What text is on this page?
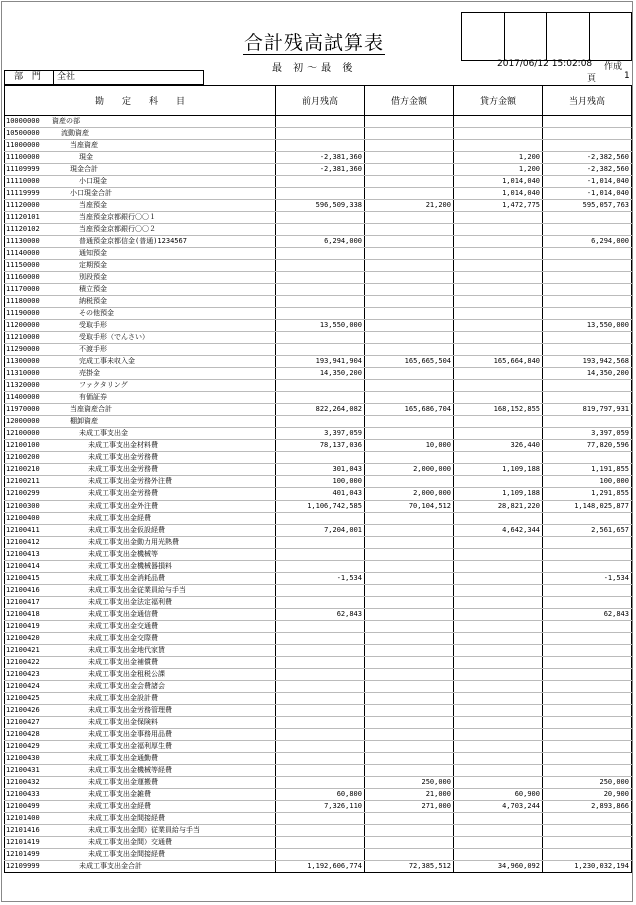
合計残高試算表
最 初～最 後	2017/06/12 15:02:08 作成
部 門	全社	頁	1
勘　　定　　科　　目	前月残高	借方金額	貸方金額	当月残高

10000000 資産の部				

10500000 流動資産				

11000000 当座資産				

11100000 現金	-2,381,360		1,200	-2,382,560

11109999 現金合計	-2,381,360		1,200	-2,382,560

11110000 小口現金			1,014,040	-1,014,040

11119999 小口現金合計			1,014,040	-1,014,040

11120000 当座預金	596,509,338	21,200	1,472,775	595,057,763

11120101 当座預金京都銀行〇〇１				

11120102 当座預金京都銀行〇〇２				

11130000 普通預金京都信金(普通)1234567	6,294,000			6,294,000

11140000 通知預金				

11150000 定期預金				

11160000 別段預金				

11170000 積立預金				

11180000 納税預金				

11190000 その他預金				

11200000 受取手形	13,550,000			13,550,000

11210000 受取手形（でんさい）				

11290000 不渡手形				

11300000 完成工事未収入金	193,941,904	165,665,504	165,664,840	193,942,568

11310000 売掛金	14,350,200			14,350,200

11320000 ファクタリング				

11400000 有価証券				

11970000 当座資産合計	822,264,082	165,686,704	168,152,855	819,797,931

12000000 棚卸資産				

12100000 未成工事支出金	3,397,059			3,397,059

12100100 未成工事支出金材料費	78,137,036	10,000	326,440	77,820,596

12100200 未成工事支出金労務費				

12100210 未成工事支出金労務費	301,043	2,000,000	1,109,188	1,191,855

12100211 未成工事支出金労務外注費	100,000			100,000

12100299 未成工事支出金労務費	401,043	2,000,000	1,109,188	1,291,855

12100300 未成工事支出金外注費	1,106,742,585	70,104,512	28,821,220	1,148,025,877

12100400 未成工事支出金経費				

12100411 未成工事支出金仮設経費	7,204,001		4,642,344	2,561,657

12100412 未成工事支出金動力用光熱費				

12100413 未成工事支出金機械等				

12100414 未成工事支出金機械器損料				

12100415 未成工事支出金消耗品費	-1,534			-1,534

12100416 未成工事支出金従業員給与手当				

12100417 未成工事支出金法定福利費				

12100418 未成工事支出金通信費	62,843			62,843

12100419 未成工事支出金交通費				

12100420 未成工事支出金交際費				

12100421 未成工事支出金地代家賃				

12100422 未成工事支出金補償費				

12100423 未成工事支出金租税公課				

12100424 未成工事支出金会費諸会				

12100425 未成工事支出金設計費				

12100426 未成工事支出金労務管理費				

12100427 未成工事支出金保険料				

12100428 未成工事支出金事務用品費				

12100429 未成工事支出金福利厚生費				

12100430 未成工事支出金通勤費				

12100431 未成工事支出金機械等経費				

12100432 未成工事支出金運搬費		250,000		250,000

12100433 未成工事支出金雑費	60,800	21,000	60,900	20,900

12100499 未成工事支出金経費	7,326,110	271,000	4,703,244	2,893,866

12101400 未成工事支出金間接経費				

12101416 未成工事支出金間）従業員給与手当				

12101419 未成工事支出金間）交通費				

12101499 未成工事支出金間接経費				

12109999 未成工事支出金合計	1,192,606,774	72,385,512	34,960,092	1,230,032,194
